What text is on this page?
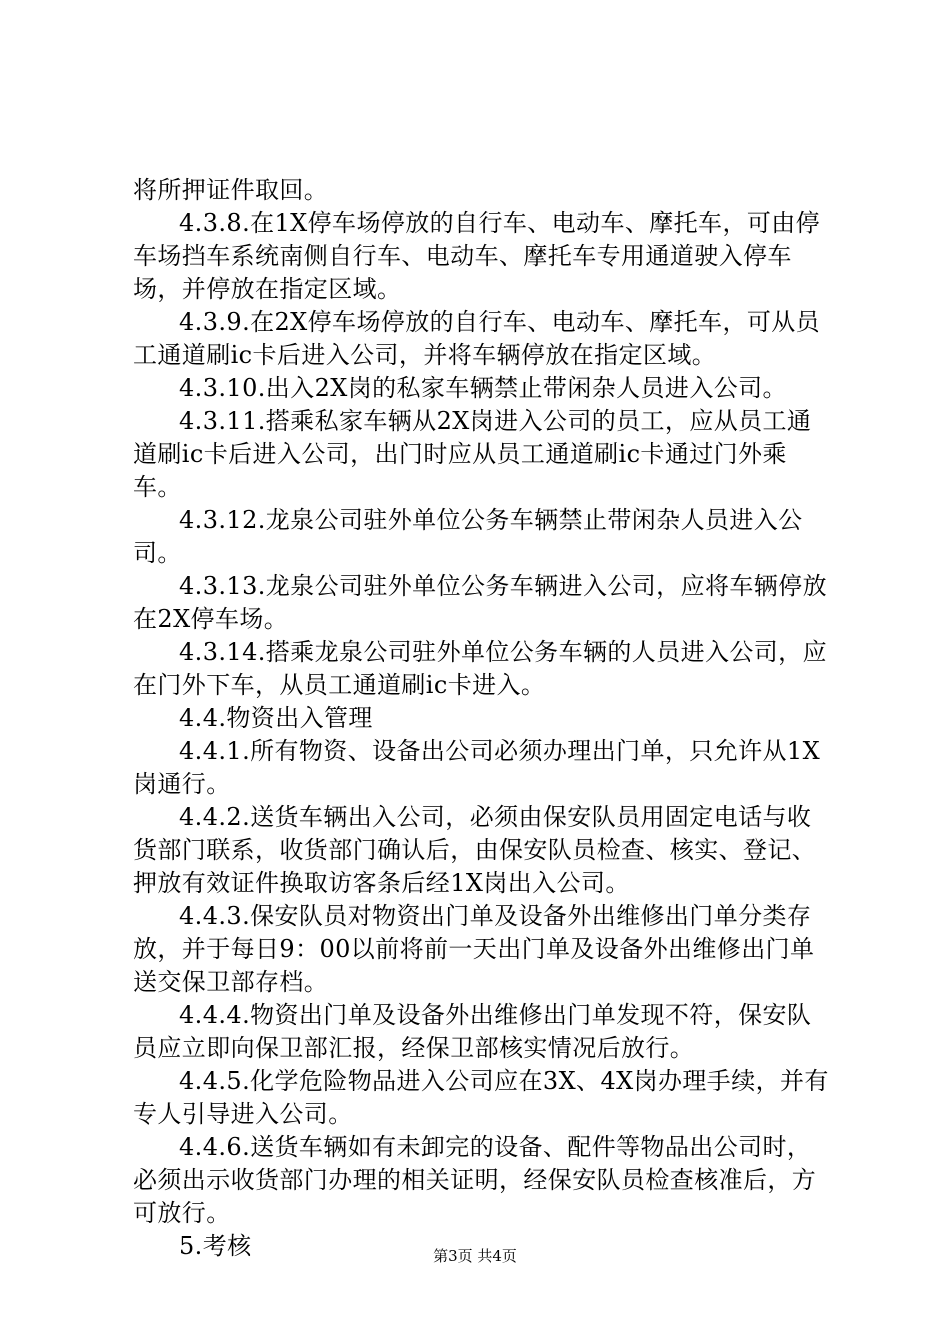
将所押证件取回。

4.3.8.在1X停车场停放的自行车、电动车、摩托车，可由停车场挡车系统南侧自行车、电动车、摩托车专用通道驶入停车场，并停放在指定区域。

4.3.9.在2X停车场停放的自行车、电动车、摩托车，可从员工通道刷ic卡后进入公司，并将车辆停放在指定区域。

4.3.10.出入2X岗的私家车辆禁止带闲杂人员进入公司。

4.3.11.搭乘私家车辆从2X岗进入公司的员工，应从员工通道刷ic卡后进入公司，出门时应从员工通道刷ic卡通过门外乘车。

4.3.12.龙泉公司驻外单位公务车辆禁止带闲杂人员进入公司。

4.3.13.龙泉公司驻外单位公务车辆进入公司，应将车辆停放在2X停车场。

4.3.14.搭乘龙泉公司驻外单位公务车辆的人员进入公司，应在门外下车，从员工通道刷ic卡进入。

4.4.物资出入管理

4.4.1.所有物资、设备出公司必须办理出门单，只允许从1X岗通行。

4.4.2.送货车辆出入公司，必须由保安队员用固定电话与收货部门联系，收货部门确认后，由保安队员检查、核实、登记、押放有效证件换取访客条后经1X岗出入公司。

4.4.3.保安队员对物资出门单及设备外出维修出门单分类存放，并于每日9：00以前将前一天出门单及设备外出维修出门单送交保卫部存档。

4.4.4.物资出门单及设备外出维修出门单发现不符，保安队员应立即向保卫部汇报，经保卫部核实情况后放行。

4.4.5.化学危险物品进入公司应在3X、4X岗办理手续，并有专人引导进入公司。

4.4.6.送货车辆如有未卸完的设备、配件等物品出公司时，必须出示收货部门办理的相关证明，经保安队员检查核准后，方可放行。

5.考核	第3页 共4页
